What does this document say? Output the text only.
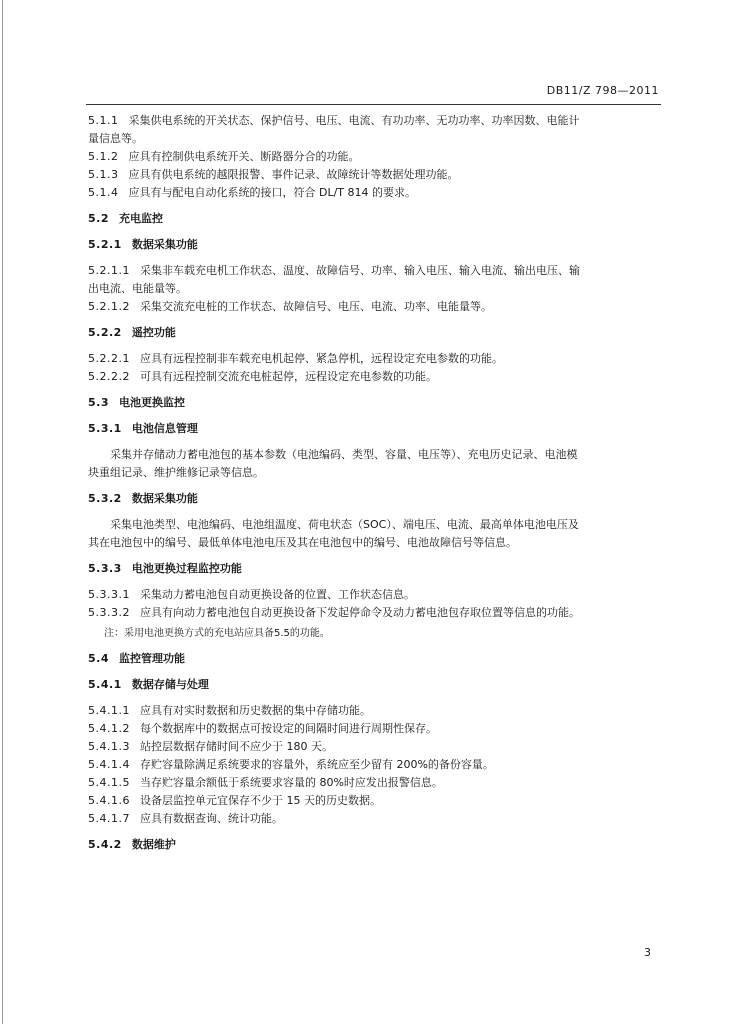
DB11/Z 798—2011

5.1.1 采集供电系统的开关状态、保护信号、电压、电流、有功功率、无功功率、功率因数、电能计

量信息等。

5.1.2 应具有控制供电系统开关、断路器分合的功能。

5.1.3 应具有供电系统的越限报警、事件记录、故障统计等数据处理功能。

5.1.4 应具有与配电自动化系统的接口，符合 DL/T 814 的要求。

5.2 充电监控

5.2.1 数据采集功能

5.2.1.1 采集非车载充电机工作状态、温度、故障信号、功率、输入电压、输入电流、输出电压、输

出电流、电能量等。

5.2.1.2 采集交流充电桩的工作状态、故障信号、电压、电流、功率、电能量等。

5.2.2 遥控功能

5.2.2.1 应具有远程控制非车载充电机起停、紧急停机，远程设定充电参数的功能。

5.2.2.2 可具有远程控制交流充电桩起停，远程设定充电参数的功能。

5.3 电池更换监控

5.3.1 电池信息管理

采集并存储动力蓄电池包的基本参数（电池编码、类型、容量、电压等）、充电历史记录、电池模

块重组记录、维护维修记录等信息。

5.3.2 数据采集功能

采集电池类型、电池编码、电池组温度、荷电状态（SOC）、端电压、电流、最高单体电池电压及

其在电池包中的编号、最低单体电池电压及其在电池包中的编号、电池故障信号等信息。

5.3.3 电池更换过程监控功能

5.3.3.1 采集动力蓄电池包自动更换设备的位置、工作状态信息。

5.3.3.2 应具有向动力蓄电池包自动更换设备下发起停命令及动力蓄电池包存取位置等信息的功能。

注：采用电池更换方式的充电站应具备5.5的功能。

5.4 监控管理功能

5.4.1 数据存储与处理

5.4.1.1 应具有对实时数据和历史数据的集中存储功能。

5.4.1.2 每个数据库中的数据点可按设定的间隔时间进行周期性保存。

5.4.1.3 站控层数据存储时间不应少于 180 天。

5.4.1.4 存贮容量除满足系统要求的容量外，系统应至少留有 200%的备份容量。

5.4.1.5 当存贮容量余额低于系统要求容量的 80%时应发出报警信息。

5.4.1.6 设备层监控单元宜保存不少于 15 天的历史数据。

5.4.1.7 应具有数据查询、统计功能。

5.4.2 数据维护

3
